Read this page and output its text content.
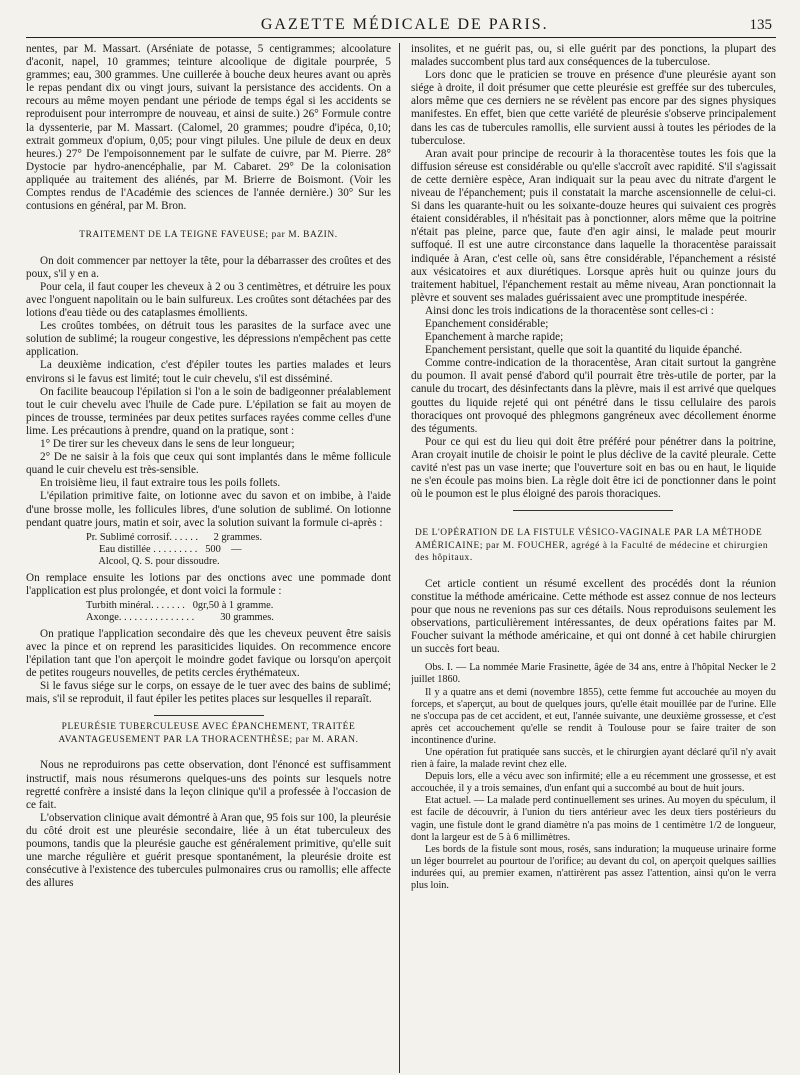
GAZETTE MÉDICALE DE PARIS.	135

nentes, par M. Massart. (Arséniate de potasse, 5 centigrammes; alcoolature d'aconit, napel, 10 grammes; teinture alcoolique de digitale pourprée, 5 grammes; eau, 300 grammes. Une cuillerée à bouche deux heures avant ou après le repas pendant dix ou vingt jours, suivant la persistance des accidents. On a recours au même moyen pendant une période de temps égal si les accidents se reproduisent pour interrompre de nouveau, et ainsi de suite.) 26° Formule contre la dyssenterie, par M. Massart. (Calomel, 20 grammes; poudre d'ipéca, 0,10; extrait gommeux d'opium, 0,05; pour vingt pilules. Une pilule de deux en deux heures.) 27° De l'empoisonnement par le sulfate de cuivre, par M. Pierre. 28° Dystocie par hydro-anencéphalie, par M. Cabaret. 29° De la colonisation appliquée au traitement des aliénés, par M. Brierre de Boismont. (Voir les Comptes rendus de l'Académie des sciences de l'année dernière.) 30° Sur les contusions en général, par M. Bron.

TRAITEMENT DE LA TEIGNE FAVEUSE; par M. BAZIN.

On doit commencer par nettoyer la tête, pour la débarrasser des croûtes et des poux, s'il y en a.

Pour cela, il faut couper les cheveux à 2 ou 3 centimètres, et détruire les poux avec l'onguent napolitain ou le bain sulfureux. Les croûtes sont détachées par des lotions d'eau tiède ou des cataplasmes émollients.

Les croûtes tombées, on détruit tous les parasites de la surface avec une solution de sublimé; la rougeur congestive, les dépressions n'empêchent pas cette application.

La deuxième indication, c'est d'épiler toutes les parties malades et leurs environs si le favus est limité; tout le cuir chevelu, s'il est disséminé.

On facilite beaucoup l'épilation si l'on a le soin de badigeonner préalablement tout le cuir chevelu avec l'huile de Cade pure. L'épilation se fait au moyen de pinces de trousse, terminées par deux petites surfaces rayées comme celles d'une lime. Les précautions à prendre, quand on la pratique, sont :

1° De tirer sur les cheveux dans le sens de leur longueur;

2° De ne saisir à la fois que ceux qui sont implantés dans le même follicule quand le cuir chevelu est très-sensible.

En troisième lieu, il faut extraire tous les poils follets.

L'épilation primitive faite, on lotionne avec du savon et on imbibe, à l'aide d'une brosse molle, les follicules libres, d'une solution de sublimé. On lotionne pendant quatre jours, matin et soir, avec la solution suivant la formule ci-après :

Pr. Sublimé corrosif. . . . . .      2 grammes.
Eau distillée . . . . . . . . .   500    —
Alcool, Q. S. pour dissoudre.

On remplace ensuite les lotions par des onctions avec une pommade dont l'application est plus prolongée, et dont voici la formule :

Turbith minéral. . . . . . .   0gr,50 à 1 gramme.
Axonge. . . . . . . . . . . . . . .          30 grammes.

On pratique l'application secondaire dès que les cheveux peuvent être saisis avec la pince et on reprend les parasiticides liquides. On recommence encore l'épilation tant que l'on aperçoit le moindre godet favique ou lorsqu'on aperçoit de petites rougeurs nouvelles, de petits cercles érythémateux.

Si le favus siége sur le corps, on essaye de le tuer avec des bains de sublimé; mais, s'il se reproduit, il faut épiler les petites places sur lesquelles il reparaît.

PLEURÉSIE TUBERCULEUSE AVEC ÉPANCHEMENT, TRAITÉE AVANTAGEUSEMENT PAR LA THORACENTHÈSE; par M. ARAN.

Nous ne reproduirons pas cette observation, dont l'énoncé est suffisamment instructif, mais nous résumerons quelques-uns des points sur lesquels notre regretté confrère a insisté dans la leçon clinique qu'il a professée à l'occasion de ce fait.

L'observation clinique avait démontré à Aran que, 95 fois sur 100, la pleurésie du côté droit est une pleurésie secondaire, liée à un état tuberculeux des poumons, tandis que la pleurésie gauche est généralement primitive, qu'elle suit une marche régulière et guérit presque spontanément, la pleurésie droite est consécutive à l'existence des tubercules pulmonaires crus ou ramollis; elle affecte des allures

insolites, et ne guérit pas, ou, si elle guérit par des ponctions, la plupart des malades succombent plus tard aux conséquences de la tuberculose.

Lors donc que le praticien se trouve en présence d'une pleurésie ayant son siége à droite, il doit présumer que cette pleurésie est greffée sur des tubercules, alors même que ces derniers ne se révèlent pas encore par des signes physiques manifestes. En effet, bien que cette variété de pleurésie s'observe principalement dans les cas de tubercules ramollis, elle survient aussi à toutes les périodes de la tuberculose.

Aran avait pour principe de recourir à la thoracentèse toutes les fois que la diffusion séreuse est considérable ou qu'elle s'accroît avec rapidité. S'il s'agissait de cette dernière espèce, Aran indiquait sur la peau avec du nitrate d'argent le niveau de l'épanchement; puis il constatait la marche ascensionnelle de celui-ci. Si dans les quarante-huit ou les soixante-douze heures qui suivaient ces progrès étaient considérables, il n'hésitait pas à ponctionner, alors même que la poitrine n'était pas pleine, parce que, faute d'en agir ainsi, le malade peut mourir suffoqué. Il est une autre circonstance dans laquelle la thoracentèse paraissait indiquée à Aran, c'est celle où, sans être considérable, l'épanchement a résisté aux vésicatoires et aux diurétiques. Lorsque après huit ou quinze jours du traitement habituel, l'épanchement restait au même niveau, Aran ponctionnait la plèvre et souvent ses malades guérissaient avec une promptitude inespérée.

Ainsi donc les trois indications de la thoracentèse sont celles-ci :

Epanchement considérable;

Epanchement à marche rapide;

Epanchement persistant, quelle que soit la quantité du liquide épanché.

Comme contre-indication de la thoracentèse, Aran citait surtout la gangrène du poumon. Il avait pensé d'abord qu'il pourrait être très-utile de porter, par la canule du trocart, des désinfectants dans la plèvre, mais il est arrivé que quelques gouttes du liquide rejeté qui ont pénétré dans le tissu cellulaire des parois thoraciques ont provoqué des phlegmons gangréneux avec décollement énorme des téguments.

Pour ce qui est du lieu qui doit être préféré pour pénétrer dans la poitrine, Aran croyait inutile de choisir le point le plus déclive de la cavité pleurale. Cette cavité n'est pas un vase inerte; que l'ouverture soit en bas ou en haut, le liquide ne s'en écoule pas moins bien. La règle doit être ici de ponctionner dans le point où le poumon est le plus éloigné des parois thoraciques.

DE L'OPÉRATION DE LA FISTULE VÉSICO-VAGINALE PAR LA MÉTHODE AMÉRICAINE; par M. FOUCHER, agrégé à la Faculté de médecine et chirurgien des hôpitaux.

Cet article contient un résumé excellent des procédés dont la réunion constitue la méthode américaine. Cette méthode est assez connue de nos lecteurs pour que nous ne revenions pas sur ces détails. Nous reproduisons seulement les observations, particulièrement intéressantes, de deux opérations faites par M. Foucher suivant la méthode américaine, et qui ont donné à cet habile chirurgien un succès fort beau.

Obs. I. — La nommée Marie Frasinette, âgée de 34 ans, entre à l'hôpital Necker le 2 juillet 1860.

Il y a quatre ans et demi (novembre 1855), cette femme fut accouchée au moyen du forceps, et s'aperçut, au bout de quelques jours, qu'elle était mouillée par de l'urine. Elle ne s'occupa pas de cet accident, et eut, l'année suivante, une deuxième grossesse, et c'est après cet accouchement qu'elle se rendit à Toulouse pour se faire traiter de son incontinence d'urine.

Une opération fut pratiquée sans succès, et le chirurgien ayant déclaré qu'il n'y avait rien à faire, la malade revint chez elle.

Depuis lors, elle a vécu avec son infirmité; elle a eu récemment une grossesse, et est accouchée, il y a trois semaines, d'un enfant qui a succombé au bout de huit jours.

Etat actuel. — La malade perd continuellement ses urines. Au moyen du spéculum, il est facile de découvrir, à l'union du tiers antérieur avec les deux tiers postérieurs du vagin, une fistule dont le grand diamètre n'a pas moins de 1 centimètre 1/2 de longueur, dont la largeur est de 5 à 6 millimètres.

Les bords de la fistule sont mous, rosés, sans induration; la muqueuse urinaire forme un léger bourrelet au pourtour de l'orifice; au devant du col, on aperçoit quelques saillies indurées qui, au premier examen, n'attirèrent pas assez l'attention, ainsi qu'on le verra plus loin.
